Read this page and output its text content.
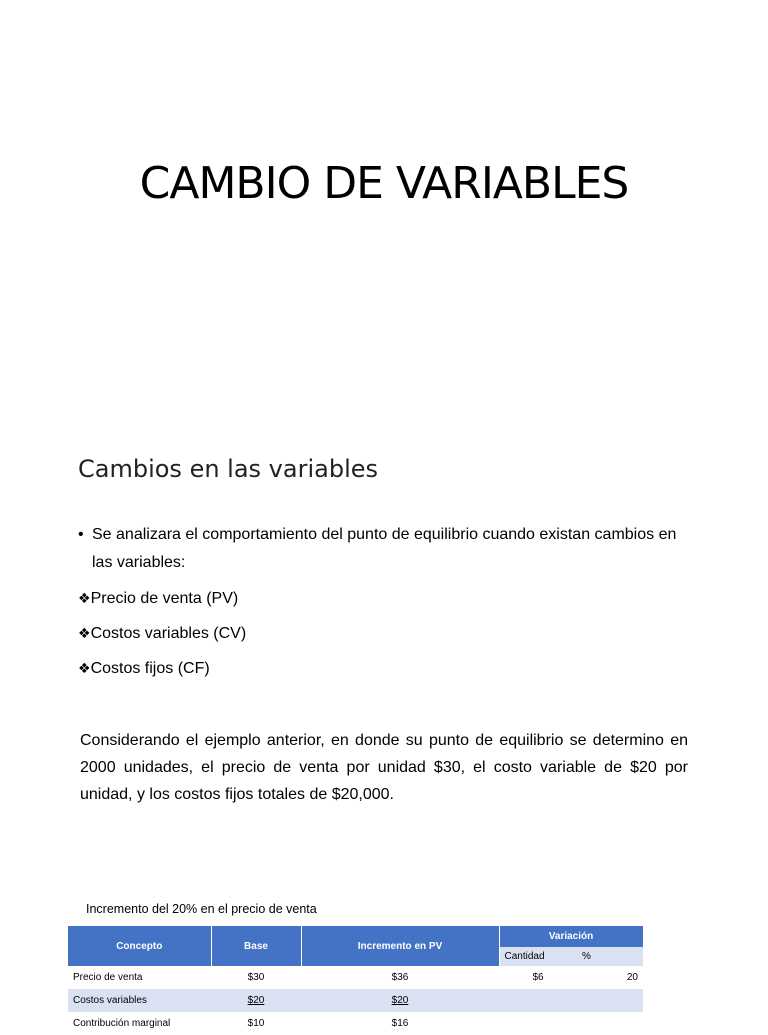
CAMBIO DE VARIABLES
Cambios en las variables
• Se analizara el comportamiento del punto de equilibrio cuando existan cambios en las variables:
❖Precio de venta (PV)
❖Costos variables (CV)
❖Costos fijos (CF)
Considerando el ejemplo anterior, en donde su punto de equilibrio se determino en 2000 unidades, el precio de venta por unidad $30, el costo variable de $20 por unidad, y los costos fijos totales de $20,000.
Incremento del 20% en el precio de venta
Concepto	Base	Incremento en PV	Variación	
			Cantidad	%
Precio de venta	$30	$36	$6	20
Costos variables	$20	$20		
Contribución marginal	$10	$16		
